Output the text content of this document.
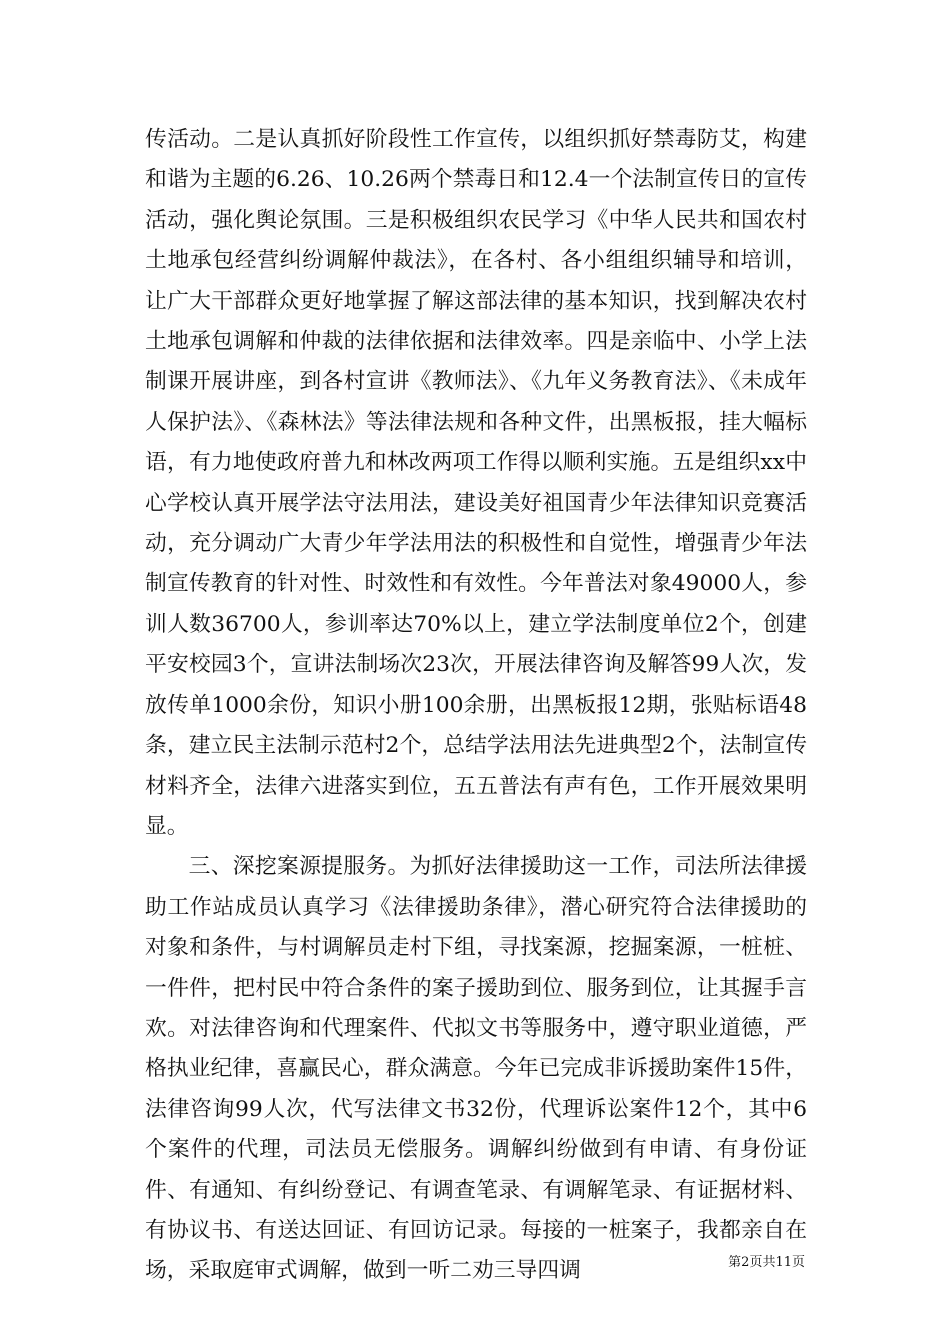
传活动。二是认真抓好阶段性工作宣传，以组织抓好禁毒防艾，构建和谐为主题的6.26、10.26两个禁毒日和12.4一个法制宣传日的宣传活动，强化舆论氛围。三是积极组织农民学习《中华人民共和国农村土地承包经营纠纷调解仲裁法》，在各村、各小组组织辅导和培训，让广大干部群众更好地掌握了解这部法律的基本知识，找到解决农村土地承包调解和仲裁的法律依据和法律效率。四是亲临中、小学上法制课开展讲座，到各村宣讲《教师法》、《九年义务教育法》、《未成年人保护法》、《森林法》等法律法规和各种文件，出黑板报，挂大幅标语，有力地使政府普九和林改两项工作得以顺利实施。五是组织xx中心学校认真开展学法守法用法，建设美好祖国青少年法律知识竞赛活动，充分调动广大青少年学法用法的积极性和自觉性，增强青少年法制宣传教育的针对性、时效性和有效性。今年普法对象49000人，参训人数36700人，参训率达70%以上，建立学法制度单位2个，创建平安校园3个，宣讲法制场次23次，开展法律咨询及解答99人次，发放传单1000余份，知识小册100余册，出黑板报12期，张贴标语48条，建立民主法制示范村2个，总结学法用法先进典型2个，法制宣传材料齐全，法律六进落实到位，五五普法有声有色，工作开展效果明显。

三、深挖案源提服务。为抓好法律援助这一工作，司法所法律援助工作站成员认真学习《法律援助条律》，潜心研究符合法律援助的对象和条件，与村调解员走村下组，寻找案源，挖掘案源，一桩桩、一件件，把村民中符合条件的案子援助到位、服务到位，让其握手言欢。对法律咨询和代理案件、代拟文书等服务中，遵守职业道德，严格执业纪律，喜赢民心，群众满意。今年已完成非诉援助案件15件，法律咨询99人次，代写法律文书32份，代理诉讼案件12个，其中6个案件的代理，司法员无偿服务。调解纠纷做到有申请、有身份证件、有通知、有纠纷登记、有调查笔录、有调解笔录、有证据材料、有协议书、有送达回证、有回访记录。每接的一桩案子，我都亲自在场，采取庭审式调解，做到一听二劝三导四调	第2页共11页
